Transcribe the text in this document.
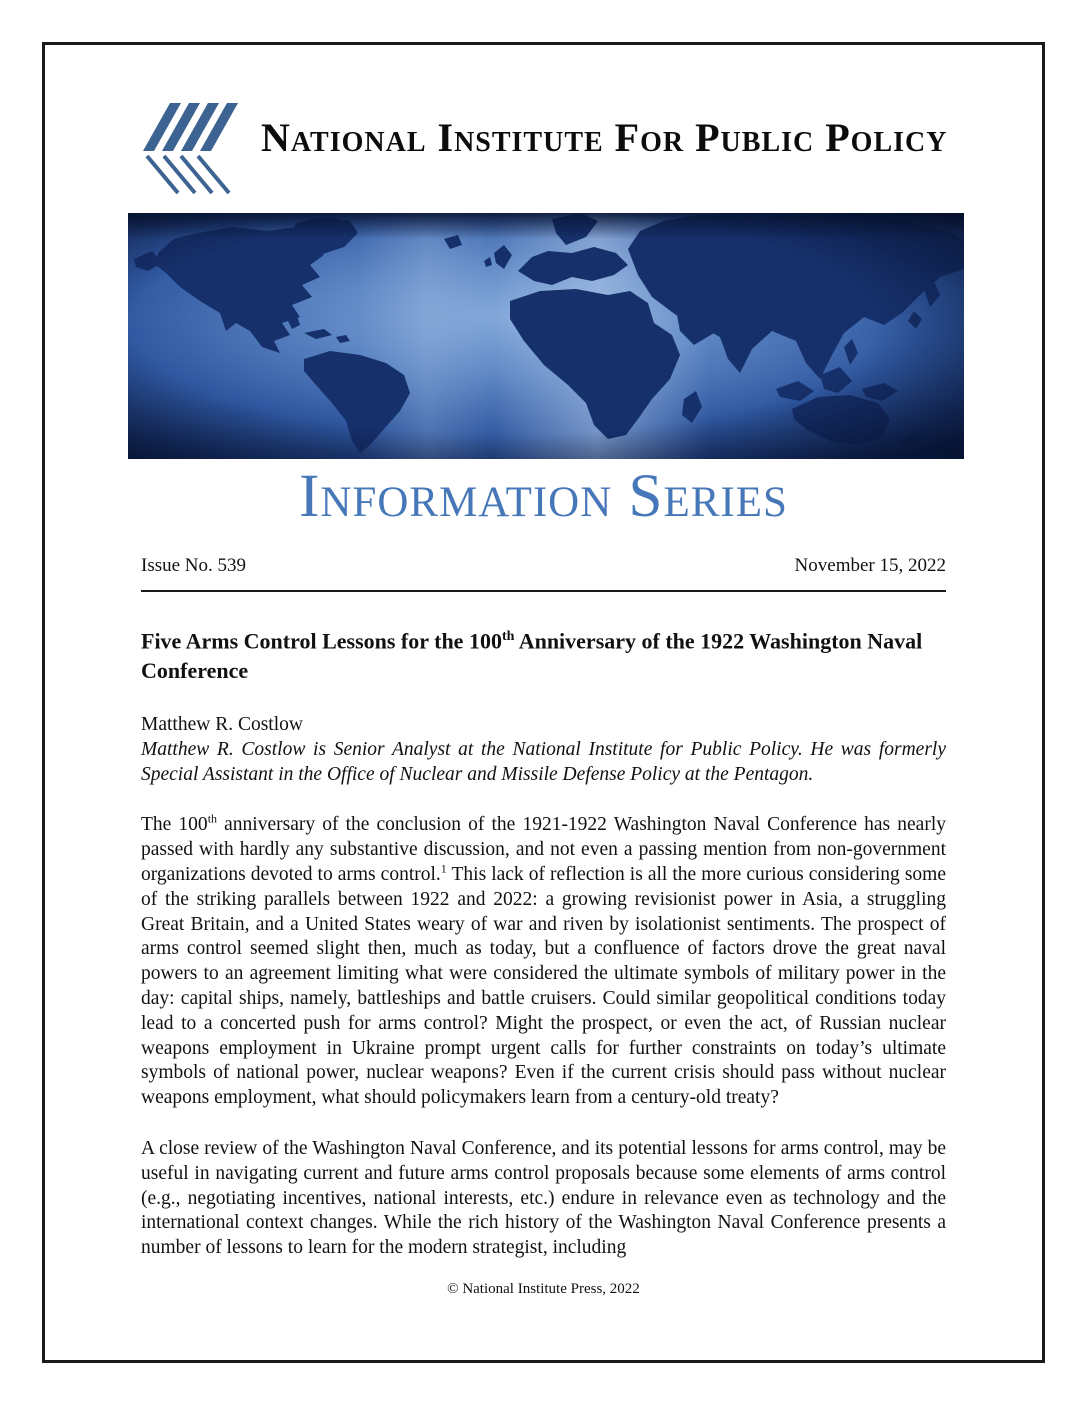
National Institute For Public Policy
Information Series
Issue No. 539	November 15, 2022
Five Arms Control Lessons for the 100th Anniversary of the 1922 Washington Naval Conference

Matthew R. Costlow

Matthew R. Costlow is Senior Analyst at the National Institute for Public Policy. He was formerly Special Assistant in the Office of Nuclear and Missile Defense Policy at the Pentagon.

The 100th anniversary of the conclusion of the 1921-1922 Washington Naval Conference has nearly passed with hardly any substantive discussion, and not even a passing mention from non-government organizations devoted to arms control.$^1$ This lack of reflection is all the more curious considering some of the striking parallels between 1922 and 2022: a growing revisionist power in Asia, a struggling Great Britain, and a United States weary of war and riven by isolationist sentiments. The prospect of arms control seemed slight then, much as today, but a confluence of factors drove the great naval powers to an agreement limiting what were considered the ultimate symbols of military power in the day: capital ships, namely, battleships and battle cruisers. Could similar geopolitical conditions today lead to a concerted push for arms control? Might the prospect, or even the act, of Russian nuclear weapons employment in Ukraine prompt urgent calls for further constraints on today’s ultimate symbols of national power, nuclear weapons? Even if the current crisis should pass without nuclear weapons employment, what should policymakers learn from a century-old treaty?

A close review of the Washington Naval Conference, and its potential lessons for arms control, may be useful in navigating current and future arms control proposals because some elements of arms control (e.g., negotiating incentives, national interests, etc.) endure in relevance even as technology and the international context changes. While the rich history of the Washington Naval Conference presents a number of lessons to learn for the modern strategist, including

© National Institute Press, 2022
